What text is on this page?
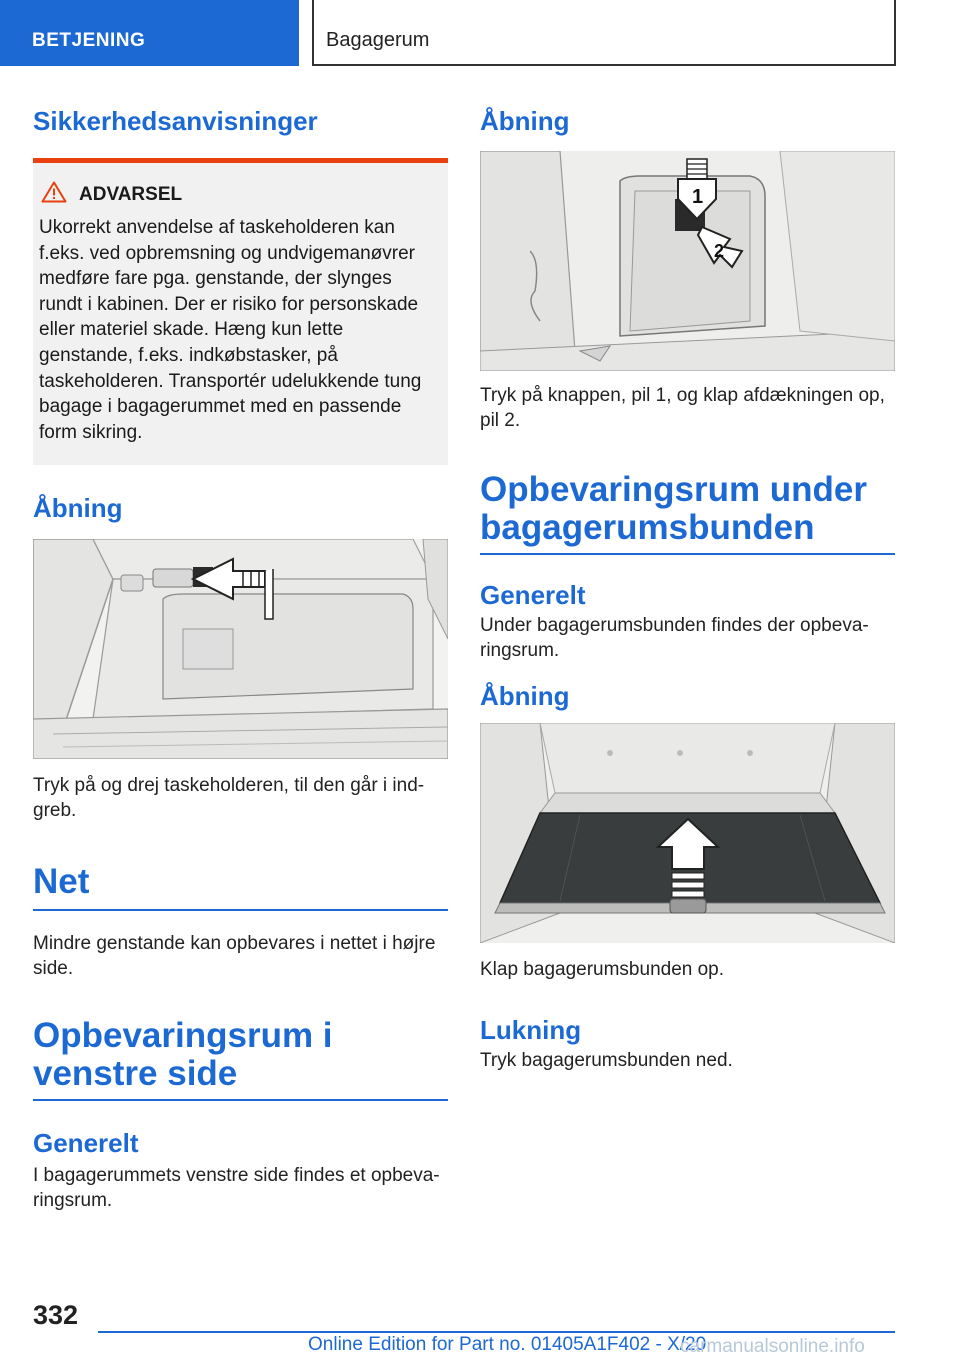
BETJENING	Bagagerum
Sikkerhedsanvisninger
ADVARSEL

Ukorrekt anvendelse af taskeholderen kan f.eks. ved opbremsning og undvigemanøvrer medføre fare pga. genstande, der slynges rundt i kabinen. Der er risiko for personskade eller materiel skade. Hæng kun lette genstande, f.eks. indkøbstasker, på taskeholderen. Transportér udelukkende tung bagage i bagagerummet med en passende form sikring.

Åbning

Tryk på og drej taskeholderen, til den går i indgreb.

Net

Mindre genstande kan opbevares i nettet i højre side.

Opbevaringsrum i venstre side
Generelt

I bagagerummets venstre side findes et opbevaringsrum.

Åbning
1
2

Tryk på knappen, pil 1, og klap afdækningen op, pil 2.

Opbevaringsrum under bagagerumsbunden
Generelt

Under bagagerumsbunden findes der opbevaringsrum.

Åbning

Klap bagagerumsbunden op.

Lukning

Tryk bagagerumsbunden ned.

332
Online Edition for Part no. 01405A1F402 - X/20
carmanualsonline.info
